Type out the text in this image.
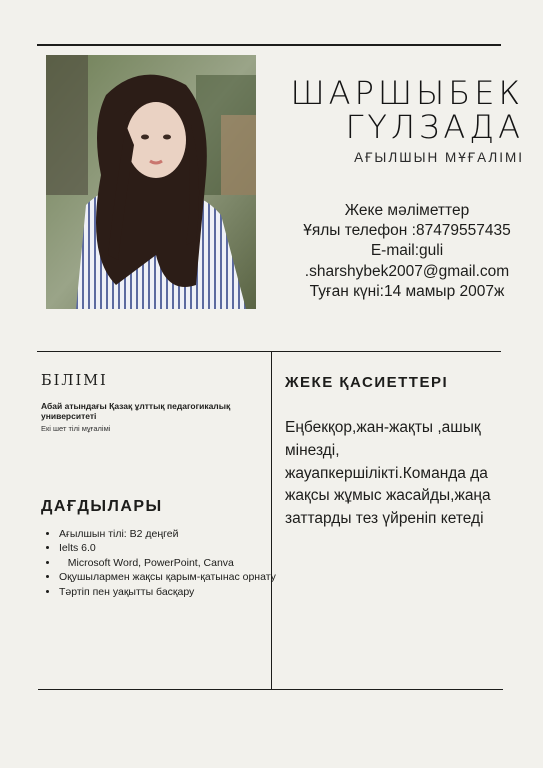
ШАРШЫБЕК
ГҮЛЗАДА
АҒЫЛШЫН МҰҒАЛІМІ
Жеке мәліметтер
Ұялы телефон :87479557435
E-mail:guli
.sharshybek2007@gmail.com
Туған күні:14 мамыр 2007ж
БІЛІМІ
Абай атындағы Қазақ ұлттық педагогикалық университеті
Екі шет тілі мұғалімі
ДАҒДЫЛАРЫ
• Ағылшын тілі: B2 деңгей
• Ielts 6.0
•    Microsoft Word, PowerPoint, Canva
• Оқушылармен жақсы қарым-қатынас орнату
• Тәртіп пен уақытты басқару
ЖЕКЕ ҚАСИЕТТЕРІ
Еңбекқор,жан-жақты ,ашық мінезді, жауапкершілікті.Команда да жақсы жұмыс жасайды,жаңа заттарды тез үйреніп кетеді
